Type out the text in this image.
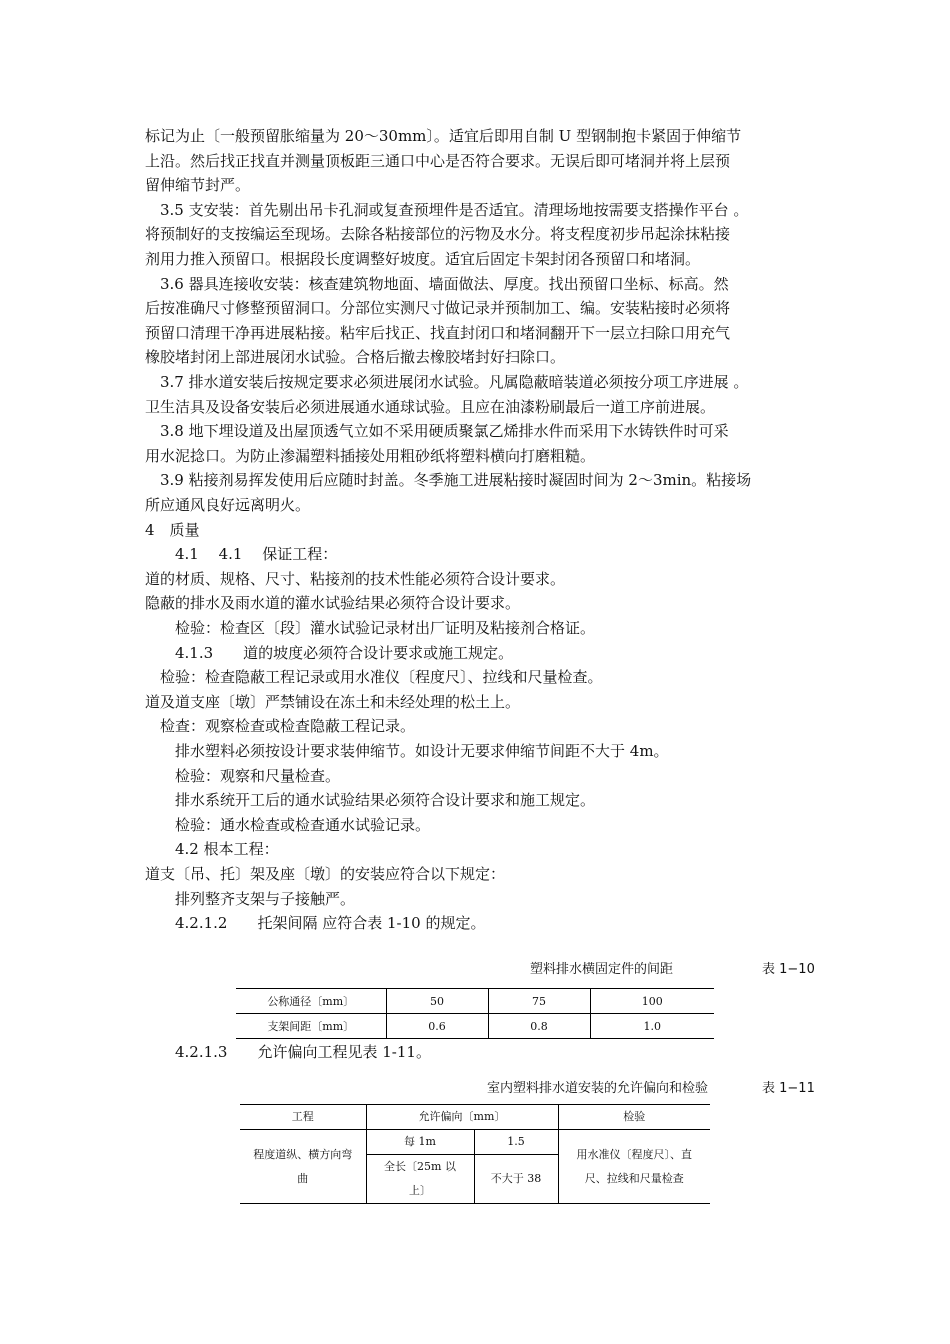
标记为止〔一般预留胀缩量为 20～30mm〕。适宜后即用自制 U 型钢制抱卡紧固于伸缩节
上沿。然后找正找直并测量顶板距三通口中心是否符合要求。无误后即可堵洞并将上层预
留伸缩节封严。
　3.5 支安装：首先剔出吊卡孔洞或复查预埋件是否适宜。清理场地按需要支搭操作平台 。
将预制好的支按编运至现场。去除各粘接部位的污物及水分。将支程度初步吊起涂抹粘接
剂用力推入预留口。根据段长度调整好坡度。适宜后固定卡架封闭各预留口和堵洞。
　3.6 器具连接收安装：核查建筑物地面、墙面做法、厚度。找出预留口坐标、标高。然
后按准确尺寸修整预留洞口。分部位实测尺寸做记录并预制加工、编。安装粘接时必须将
预留口清理干净再进展粘接。粘牢后找正、找直封闭口和堵洞翻开下一层立扫除口用充气
橡胶堵封闭上部进展闭水试验。合格后撤去橡胶堵封好扫除口。
　3.7 排水道安装后按规定要求必须进展闭水试验。凡属隐蔽暗装道必须按分项工序进展 。
卫生洁具及设备安装后必须进展通水通球试验。且应在油漆粉刷最后一道工序前进展。
　3.8 地下埋设道及出屋顶透气立如不采用硬质聚氯乙烯排水件而采用下水铸铁件时可采
用水泥捻口。为防止渗漏塑料插接处用粗砂纸将塑料横向打磨粗糙。
　3.9 粘接剂易挥发使用后应随时封盖。冬季施工进展粘接时凝固时间为 2～3min。粘接场
所应通风良好远离明火。
4　质量
　　4.1　 4.1　 保证工程：
道的材质、规格、尺寸、粘接剂的技术性能必须符合设计要求。
隐蔽的排水及雨水道的灌水试验结果必须符合设计要求。
　　检验：检查区〔段〕灌水试验记录材出厂证明及粘接剂合格证。
　　4.1.3　　道的坡度必须符合设计要求或施工规定。
　检验：检查隐蔽工程记录或用水准仪〔程度尺〕、拉线和尺量检查。
道及道支座〔墩〕严禁铺设在冻土和未经处理的松土上。
　检查：观察检查或检查隐蔽工程记录。
　　排水塑料必须按设计要求装伸缩节。如设计无要求伸缩节间距不大于 4m。
　　检验：观察和尺量检查。
　　排水系统开工后的通水试验结果必须符合设计要求和施工规定。
　　检验：通水检查或检查通水试验记录。
　　4.2 根本工程：
道支〔吊、托〕架及座〔墩〕的安装应符合以下规定：
　　排列整齐支架与子接触严。
　　4.2.1.2　　托架间隔 应符合表 1-10 的规定。
塑料排水横固定件的间距	表 1−10
公称通径〔mm〕	50	75	100
支架间距〔mm〕	0.6	0.8	1.0
　　4.2.1.3　　允许偏向工程见表 1-11。
室内塑料排水道安装的允许偏向和检验	表 1−11
工程	允许偏向〔mm〕		检验
程度道纵、横方向弯曲	每 1m	1.5	用水准仪〔程度尺〕、直尺、拉线和尺量检查
	全长〔25m 以上〕	不大于 38	
